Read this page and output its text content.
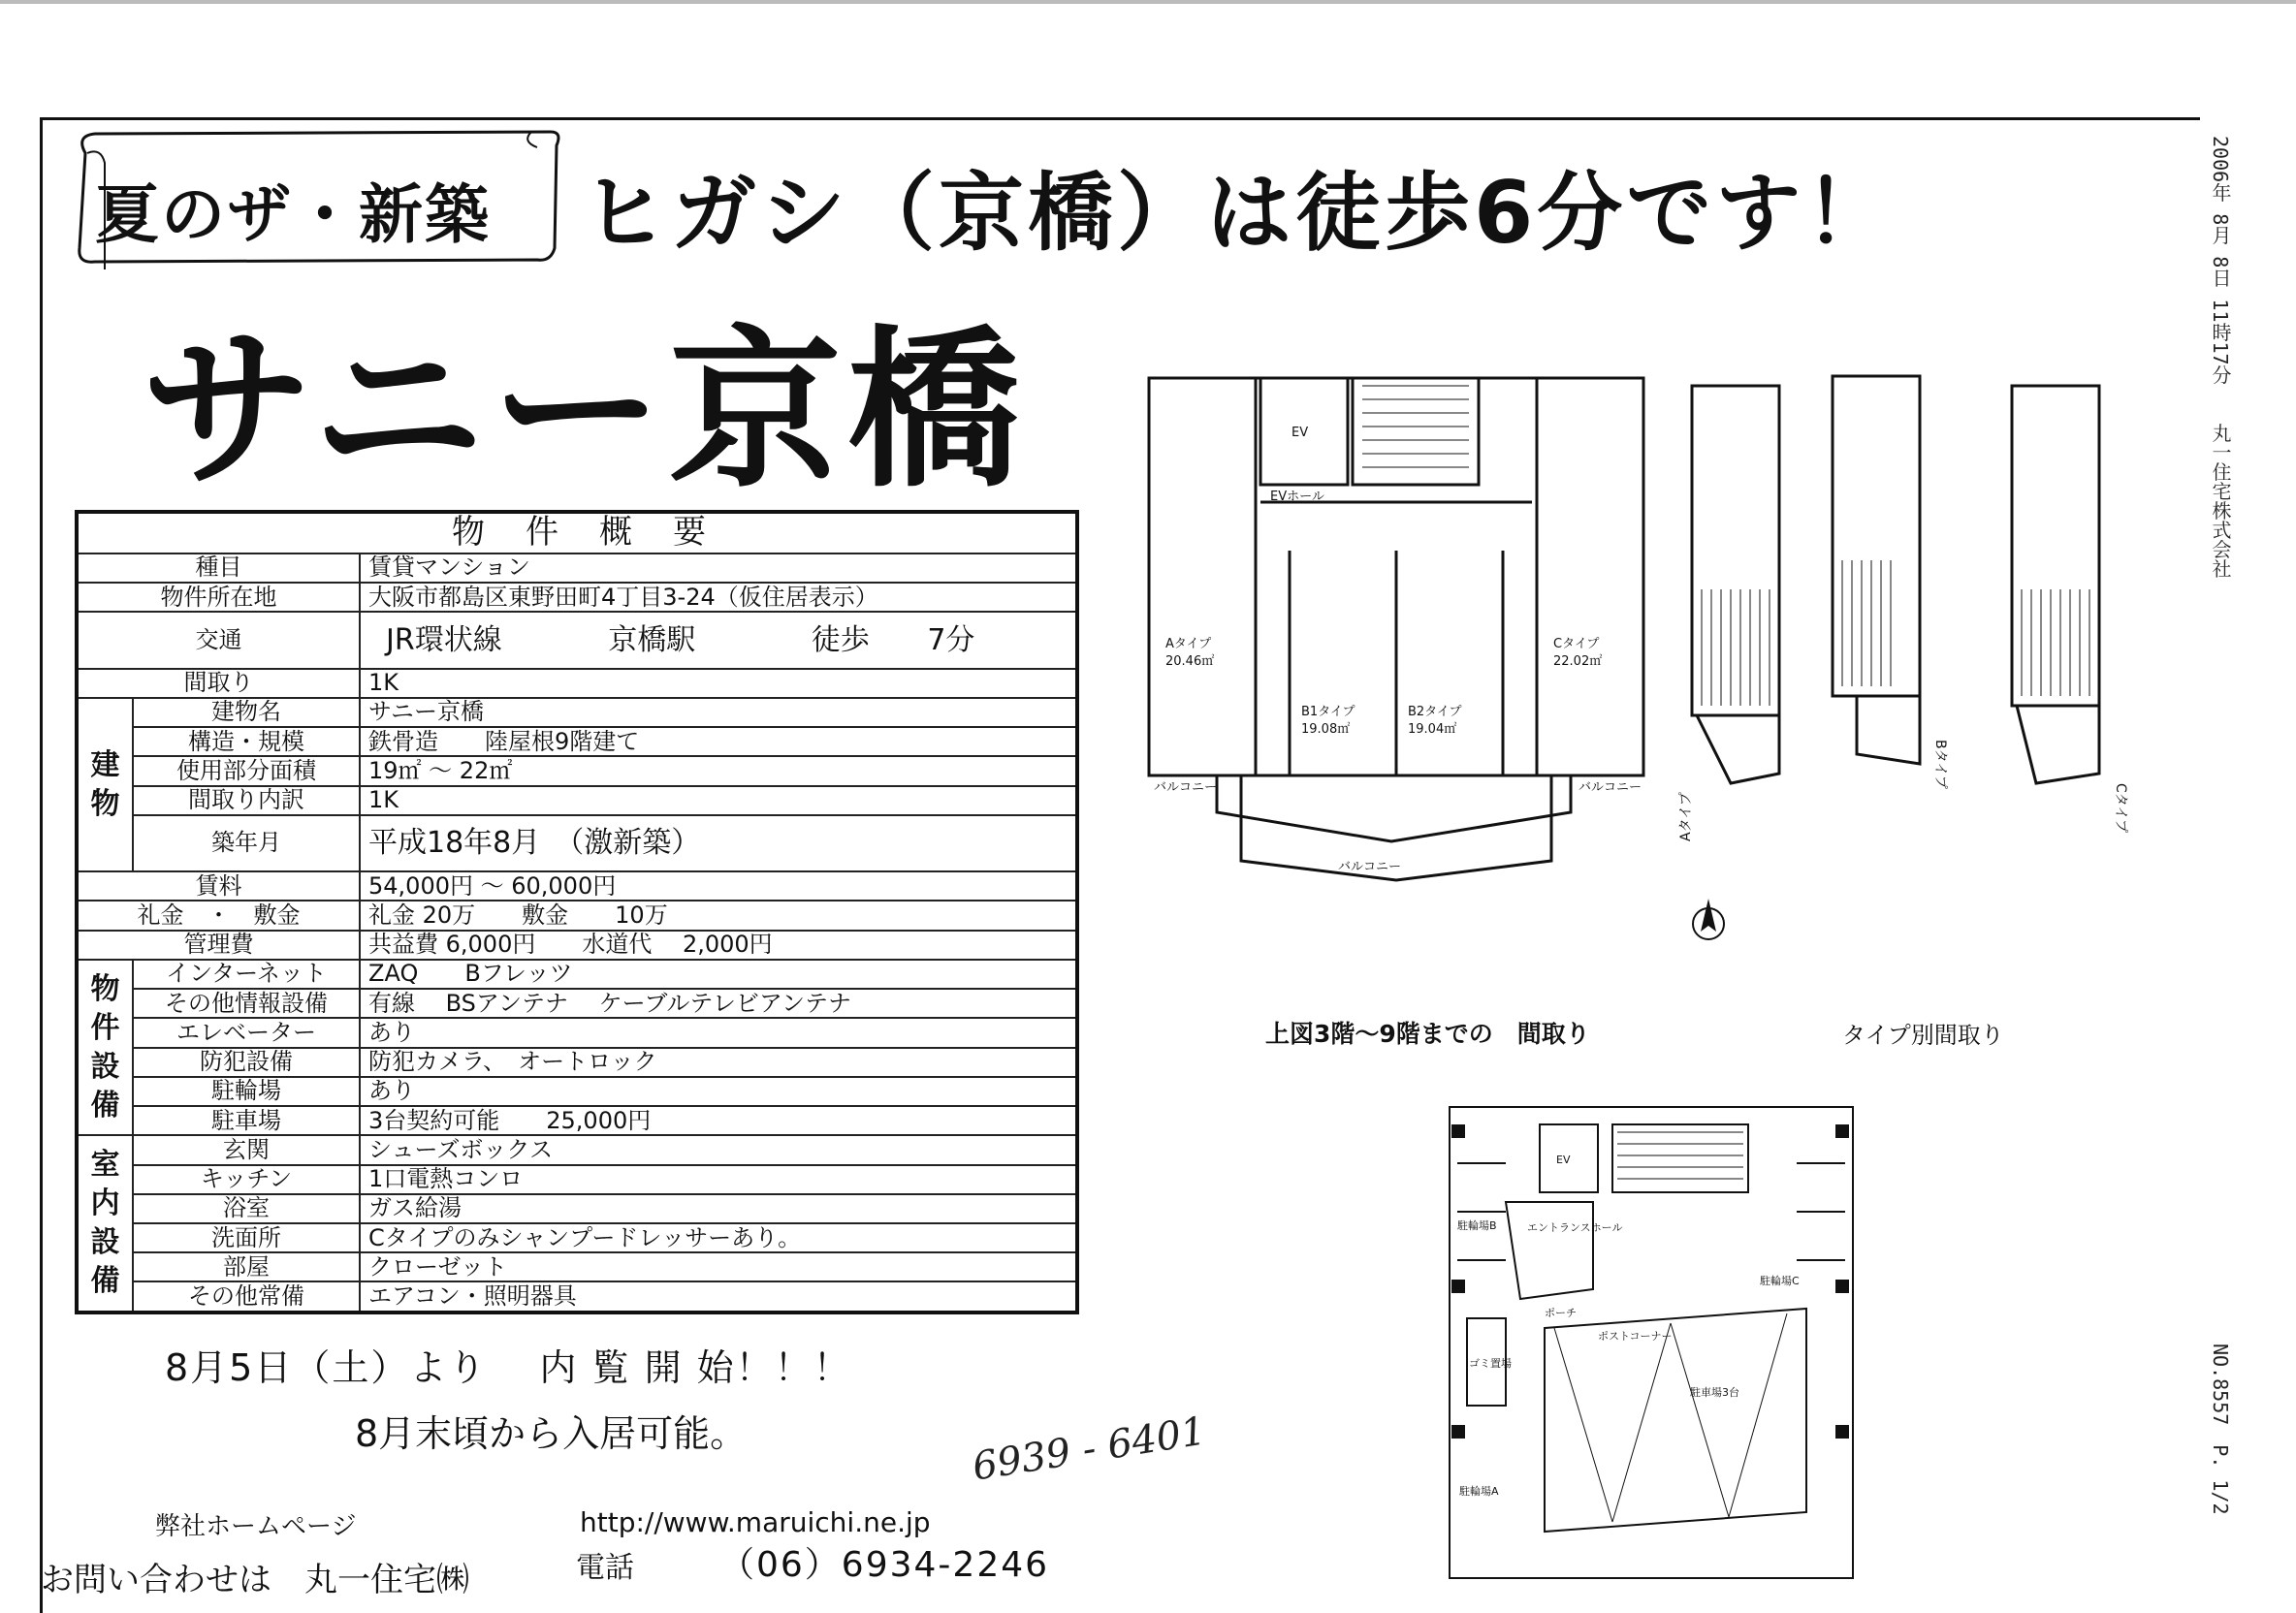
夏のザ・新築 ヒガシ（京橋）は徒歩6分です！
サニー京橋
物　件　概　要		
種目		賃貸マンション
物件所在地		大阪市都島区東野田町4丁目3-24（仮住居表示）
交通		JR環状線 京橋駅 徒歩 7分
間取り		1K
建物	建物名	サニー京橋
	構造・規模	鉄骨造　　陸屋根9階建て
	使用部分面積	19㎡ ～ 22㎡
	間取り内訳	1K
	築年月	平成18年8月　（激新築）
賃料		54,000円 ～ 60,000円
礼金　・　敷金		礼金 20万　　敷金　　10万
管理費		共益費 6,000円　　水道代　 2,000円
物件設備	インターネット	ZAQ　　Bフレッツ
	その他情報設備	有線　 BSアンテナ　 ケーブルテレビアンテナ
	エレベーター	あり
	防犯設備	防犯カメラ、　オートロック
	駐輪場	あり
	駐車場	3台契約可能　　25,000円
室内設備	玄関	シューズボックス
	キッチン	1口電熱コンロ
	浴室	ガス給湯
	洗面所	Cタイプのみシャンプードレッサーあり。
	部屋	クローゼット
	その他常備	エアコン・照明器具
8月5日（土）より　 内 覧 開 始！！！
8月末頃から入居可能。	6939 - 6401
弊社ホームページ	http://www.maruichi.ne.jp
お問い合わせは　丸一住宅㈱	電話 （06）6934-2246
2006年 8月 8日 11時17分　　丸一住宅株式会社
NO.8557　P. 1/2
Aタイプ
20.46㎡
B1タイプ
19.08㎡
B2タイプ
19.04㎡
Cタイプ
22.02㎡
EV
EVホール
バルコニー
バルコニー
バルコニー
Aタイプ
Bタイプ
Cタイプ
上図3階～9階までの　間取り	タイプ別間取り
EV
エントランスホール
ポーチ
ポストコーナー
駐輪場B
駐輪場C
ゴミ置場
駐車場3台
駐輪場A
